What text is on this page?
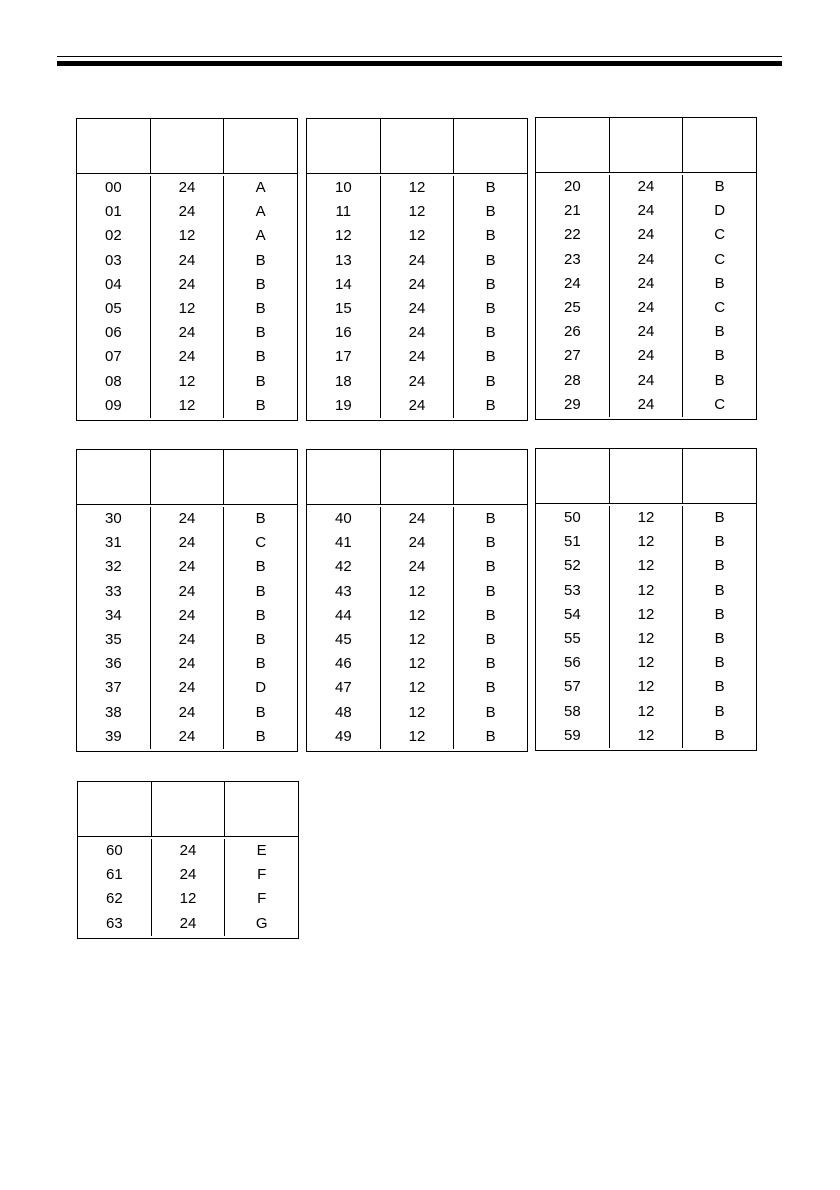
00
01
02
03
04
05
06
07
08
09
24
24
12
24
24
12
24
24
12
12
A
A
A
B
B
B
B
B
B
B
10
11
12
13
14
15
16
17
18
19
12
12
12
24
24
24
24
24
24
24
B
B
B
B
B
B
B
B
B
B
20
21
22
23
24
25
26
27
28
29
24
24
24
24
24
24
24
24
24
24
B
D
C
C
B
C
B
B
B
C
30
31
32
33
34
35
36
37
38
39
24
24
24
24
24
24
24
24
24
24
B
C
B
B
B
B
B
D
B
B
40
41
42
43
44
45
46
47
48
49
24
24
24
12
12
12
12
12
12
12
B
B
B
B
B
B
B
B
B
B
50
51
52
53
54
55
56
57
58
59
12
12
12
12
12
12
12
12
12
12
B
B
B
B
B
B
B
B
B
B
60
61
62
63
24
24
12
24
E
F
F
G
